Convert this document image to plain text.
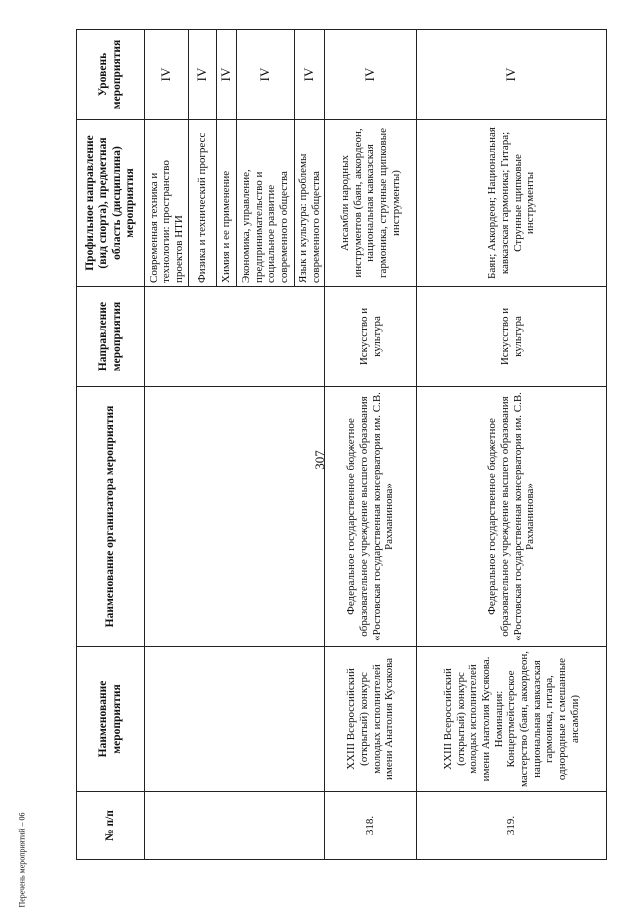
307
№ п/п	Наименование мероприятия	Наименование организатора мероприятия	Направление мероприятия	Профильное направление (вид спорта), предметная область (дисциплина) мероприятия	Уровень мероприятия
				Современная техника и технологии: пространство проектов НТИ	IV
				Физика и технический прогресс	IV
				Химия и ее применение	IV
				Экономика, управление, предпринимательство и социальное развитие современного общества	IV
				Язык и культура: проблемы современного общества	IV
318.	XXIII Всероссийский (открытый) конкурс молодых исполнителей имени Анатолия Кусякова	Федеральное государственное бюджетное образовательное учреждение высшего образования «Ростовская государственная консерватория им. С.В. Рахманинова»	Искусство и культура	Ансамбли народных инструментов (баян, аккордеон, национальная кавказская гармоника, струнные щипковые инструменты)	IV
319.	XXIII Всероссийский (открытый) конкурс молодых исполнителей имени Анатолия Кусякова. Номинация: Концертмейстерское мастерство (баян, аккордеон, национальная кавказская гармоника, гитара, однородные и смешанные ансамбли)	Федеральное государственное бюджетное образовательное учреждение высшего образования «Ростовская государственная консерватория им. С.В. Рахманинова»	Искусство и культура	Баян; Аккордеон; Национальная кавказская гармоника; Гитара; Струнные щипковые инструменты	IV
Перечень мероприятий – 06
